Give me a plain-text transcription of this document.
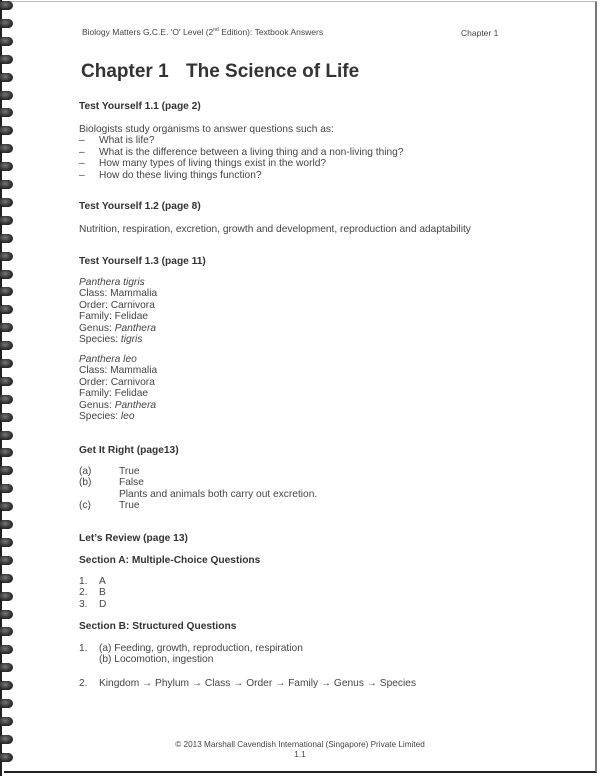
Biology Matters G.C.E. 'O' Level (2nd Edition): Textbook Answers	Chapter 1
Chapter 1 The Science of Life
Test Yourself 1.1 (page 2)
Biologists study organisms to answer questions such as:
– What is life?
– What is the difference between a living thing and a non-living thing?
– How many types of living things exist in the world?
– How do these living things function?
Test Yourself 1.2 (page 8)
Nutrition, respiration, excretion, growth and development, reproduction and adaptability
Test Yourself 1.3 (page 11)
Panthera tigris
Class: Mammalia
Order: Carnivora
Family: Felidae
Genus: Panthera
Species: tigris
Panthera leo
Class: Mammalia
Order: Carnivora
Family: Felidae
Genus: Panthera
Species: leo
Get It Right (page13)
(a)	True
(b)	False
Plants and animals both carry out excretion.
(c)	True
Let’s Review (page 13)
Section A: Multiple-Choice Questions
1. A
2. B
3. D
Section B: Structured Questions
1. (a) Feeding, growth, reproduction, respiration
(b) Locomotion, ingestion
2. Kingdom → Phylum → Class → Order → Family → Genus → Species
© 2013 Marshall Cavendish International (Singapore) Private Limited
1.1
